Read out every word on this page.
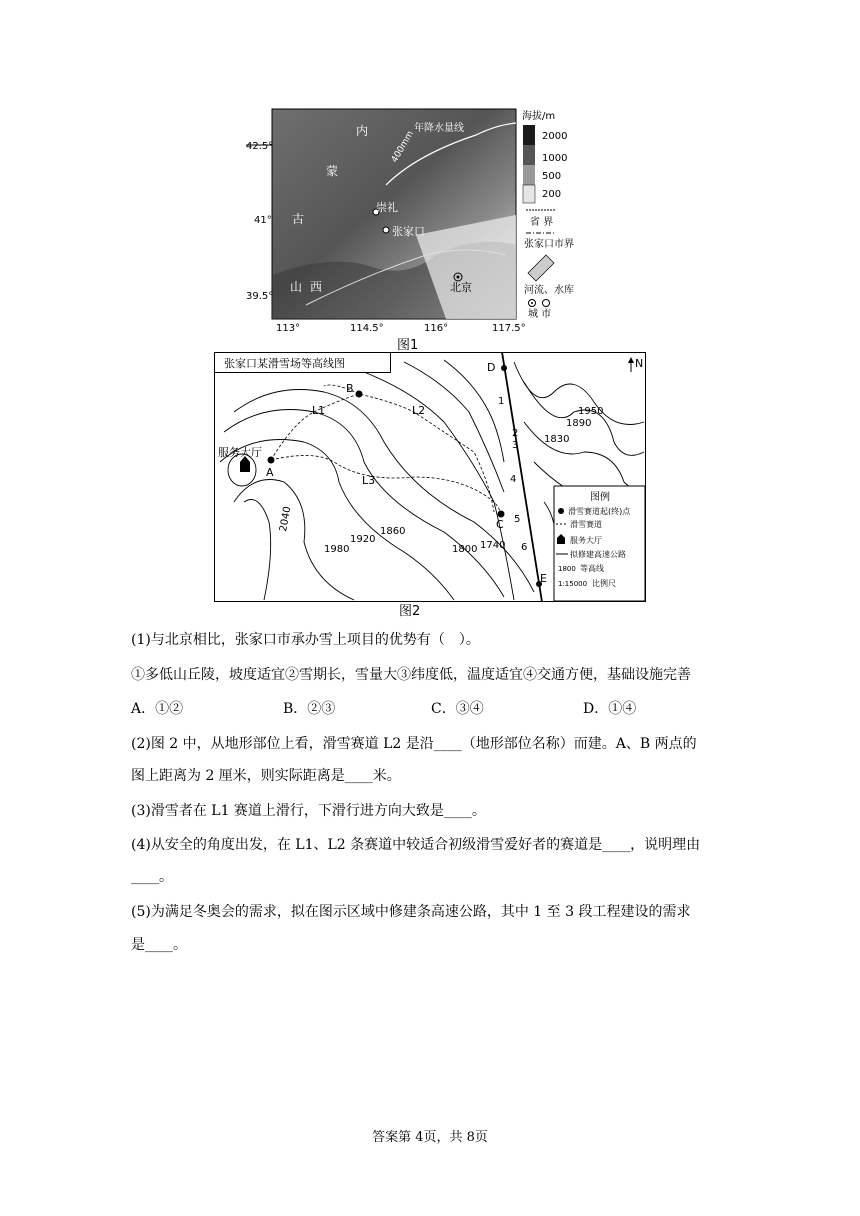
42.5°
41°
39.5°
113°	114.5°	116°	117.5°
内
蒙
古
山 西
年降水量线
400mm
崇礼
张家口
北京
海拔/m
2000
1000
500
200
省 界
张家口市界
河流、水库
城 市
图1
张家口某滑雪场等高线图
服务大厅
A
B
C
D
E
L1	L2
L3
1
2
3
4
5
6
1950
1890
1830
2040
1980
1920
1860
1800 1740
N
图例
滑雪赛道起(终)点
滑雪赛道
服务大厅
拟修建高速公路
1800 等高线
1:15000 比例尺
图2
(1)与北京相比，张家口市承办雪上项目的优势有（　）。
①多低山丘陵，坡度适宜②雪期长，雪量大③纬度低，温度适宜④交通方便，基础设施完善
A．①②	B．②③	C．③④	D．①④
(2)图 2 中，从地形部位上看，滑雪赛道 L2 是沿____（地形部位名称）而建。A、B 两点的
图上距离为 2 厘米，则实际距离是____米。
(3)滑雪者在 L1 赛道上滑行，下滑行进方向大致是____。
(4)从安全的角度出发，在 L1、L2 条赛道中较适合初级滑雪爱好者的赛道是____，说明理由
____。
(5)为满足冬奥会的需求，拟在图示区域中修建条高速公路，其中 1 至 3 段工程建设的需求
是____。
答案第 4页，共 8页
